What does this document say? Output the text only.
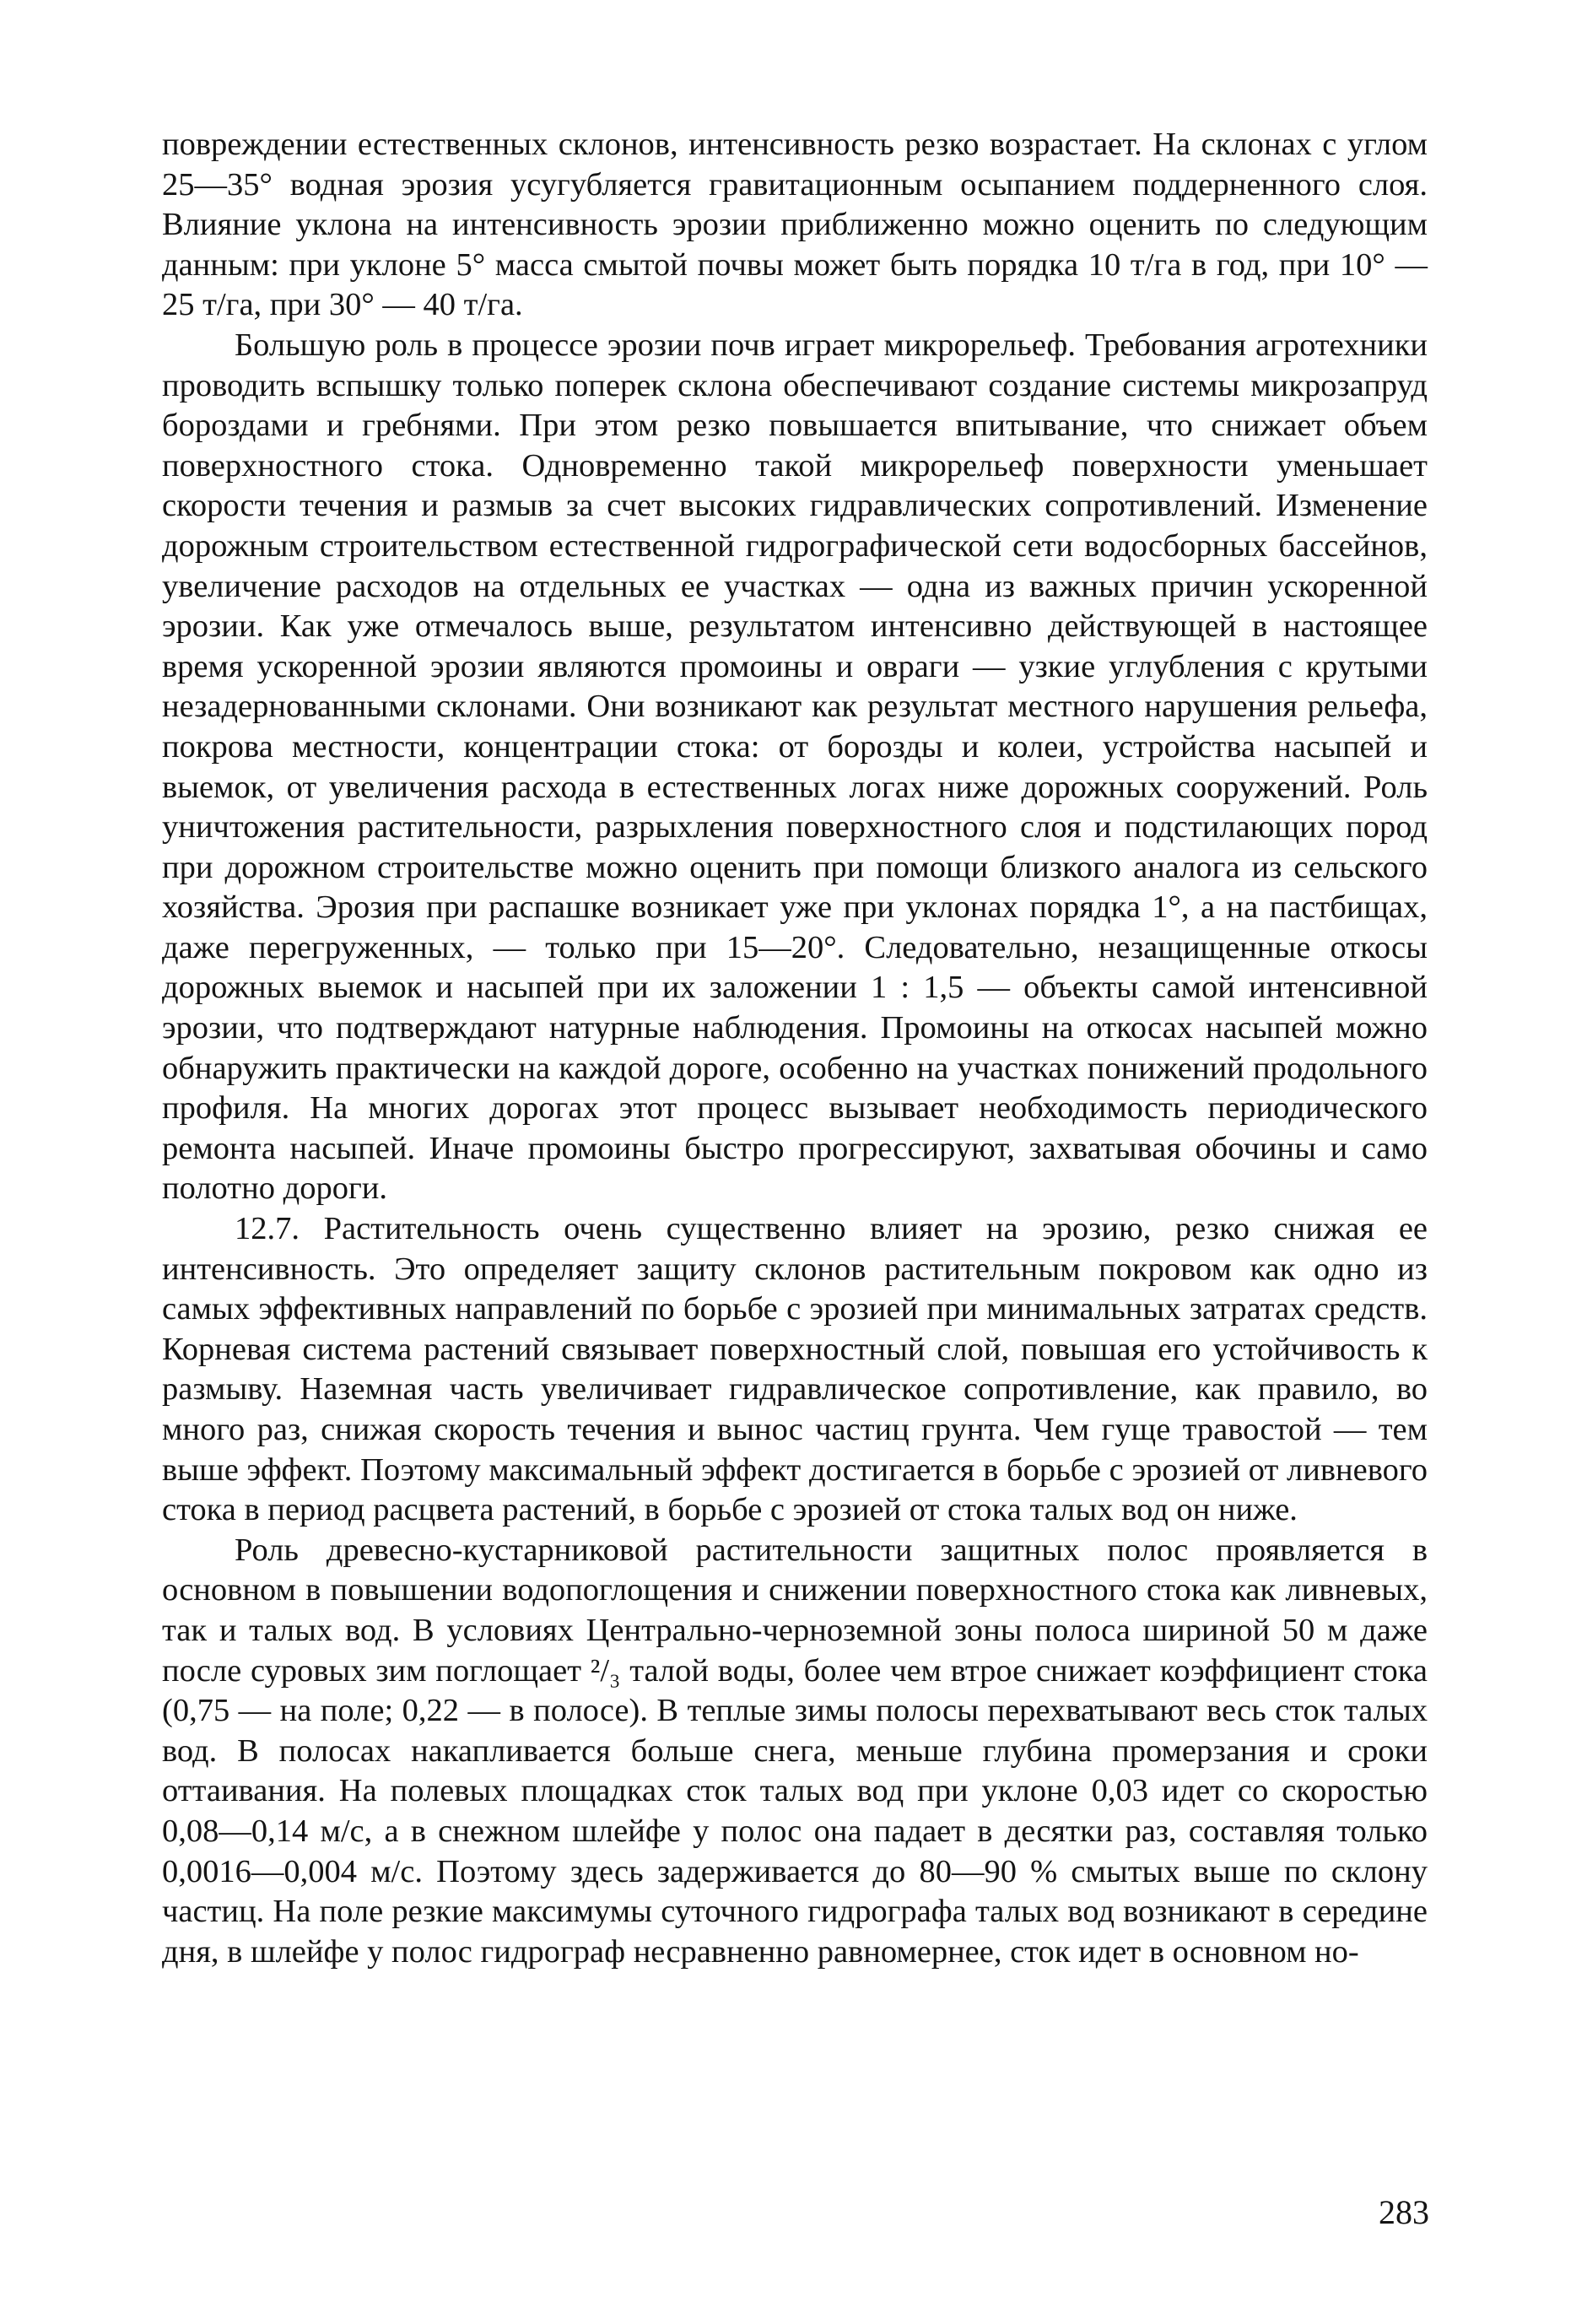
повреждении естественных склонов, интенсивность резко возрастает. На склонах с углом 25—35° водная эрозия усугубляется гравитационным осыпанием поддерненного слоя. Влияние уклона на интенсивность эрозии приближенно можно оценить по следующим данным: при уклоне 5° масса смытой почвы может быть порядка 10 т/га в год, при 10° — 25 т/га, при 30° — 40 т/га.

Большую роль в процессе эрозии почв играет микрорельеф. Требования агротехники проводить вспышку только поперек склона обеспечивают создание системы микрозапруд бороздами и гребнями. При этом резко повышается впитывание, что снижает объем поверхностного стока. Одновременно такой микрорельеф поверхности уменьшает скорости течения и размыв за счет высоких гидравлических сопротивлений. Изменение дорожным строительством естественной гидрографической сети водосборных бассейнов, увеличение расходов на отдельных ее участках — одна из важных причин ускоренной эрозии. Как уже отмечалось выше, результатом интенсивно действующей в настоящее время ускоренной эрозии являются промоины и овраги — узкие углубления с крутыми незадернованными склонами. Они возникают как результат местного нарушения рельефа, покрова местности, концентрации стока: от борозды и колеи, устройства насыпей и выемок, от увеличения расхода в естественных логах ниже дорожных сооружений. Роль уничтожения растительности, разрыхления поверхностного слоя и подстилающих пород при дорожном строительстве можно оценить при помощи близкого аналога из сельского хозяйства. Эрозия при распашке возникает уже при уклонах порядка 1°, а на пастбищах, даже перегруженных, — только при 15—20°. Следовательно, незащищенные откосы дорожных выемок и насыпей при их заложении 1 : 1,5 — объекты самой интенсивной эрозии, что подтверждают натурные наблюдения. Промоины на откосах насыпей можно обнаружить практически на каждой дороге, особенно на участках понижений продольного профиля. На многих дорогах этот процесс вызывает необходимость периодического ремонта насыпей. Иначе промоины быстро прогрессируют, захватывая обочины и само полотно дороги.

12.7. Растительность очень существенно влияет на эрозию, резко снижая ее интенсивность. Это определяет защиту склонов растительным покровом как одно из самых эффективных направлений по борьбе с эрозией при минимальных затратах средств. Корневая система растений связывает поверхностный слой, повышая его устойчивость к размыву. Наземная часть увеличивает гидравлическое сопротивление, как правило, во много раз, снижая скорость течения и вынос частиц грунта. Чем гуще травостой — тем выше эффект. Поэтому максимальный эффект достигается в борьбе с эрозией от ливневого стока в период расцвета растений, в борьбе с эрозией от стока талых вод он ниже.

Роль древесно-кустарниковой растительности защитных полос проявляется в основном в повышении водопоглощения и снижении поверхностного стока как ливневых, так и талых вод. В условиях Центрально-черноземной зоны полоса шириной 50 м даже после суровых зим поглощает ²/₃ талой воды, более чем втрое снижает коэффициент стока (0,75 — на поле; 0,22 — в полосе). В теплые зимы полосы перехватывают весь сток талых вод. В полосах накапливается больше снега, меньше глубина промерзания и сроки оттаивания. На полевых площадках сток талых вод при уклоне 0,03 идет со скоростью 0,08—0,14 м/с, а в снежном шлейфе у полос она падает в десятки раз, составляя только 0,0016—0,004 м/с. Поэтому здесь задерживается до 80—90 % смытых выше по склону частиц. На поле резкие максимумы суточного гидрографа талых вод возникают в середине дня, в шлейфе у полос гидрограф несравненно равномернее, сток идет в основном но-

283
